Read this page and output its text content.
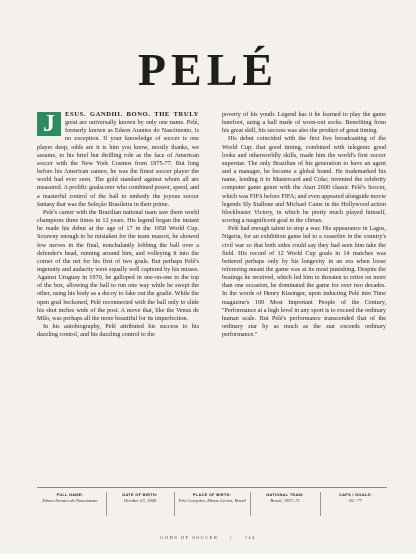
PELÉ

J	ESUS. GANDHI. BONO. THE TRULY great are universally known by only one name. Pelé, formerly known as Edson Arantes do Nascimento, is no exception. If your knowledge of soccer is one player deep, odds are it is him you know, mostly thanks, we assume, to his brief but thrilling role as the face of American soccer with the New York Cosmos from 1975-77. But long before his American cameo, he was the finest soccer player the world had ever seen. The gold standard against whom all are measured. A prolific goalscorer who combined power, speed, and a masterful control of the ball to embody the joyous soccer fantasy that was the Seleção Brasileira in their prime.

Pelé's career with the Brazilian national team saw them world champions three times in 12 years. His legend began the instant he made his debut at the age of 17 in the 1958 World Cup. Scrawny enough to be mistaken for the team mascot, he showed few nerves in the final, nonchalantly lobbing the ball over a defender's head, running around him, and volleying it into the corner of the net for his first of two goals. But perhaps Pelé's ingenuity and audacity were equally well captured by his misses. Against Uruguay in 1970, he galloped in one-on-one to the top of the box, allowing the ball to run one way while he swept the other, using his body as a decoy to fake out the goalie. While the open goal beckoned, Pelé reconnected with the ball only to slide his shot inches wide of the post. A move that, like the Venus de Milo, was perhaps all the more beautiful for its imperfection.

In his autobiography, Pelé attributed his success to his dazzling control, and his dazzling control to the

poverty of his youth. Legend has it he learned to play the game barefoot, using a ball made of worn-out socks. Benefiting from his great skill, his success was also the product of great timing.

His debut coincided with the first live broadcasting of the World Cup; that good timing, combined with telegenic good looks and otherworldly skills, made him the world's first soccer superstar. The only Brazilian of his generation to have an agent and a manager, he became a global brand. He trademarked his name, lending it to Mastercard and Coke; invented the celebrity computer game genre with the Atari 2600 classic Pelé's Soccer, which was FIFA before FIFA; and even appeared alongside movie legends Sly Stallone and Michael Caine in the Hollywood action blockbuster Victory, in which he pretty much played himself, scoring a magnificent goal in the climax.

Pelé had enough talent to stop a war. His appearance in Lagos, Nigeria, for an exhibition game led to a ceasefire in the country's civil war so that both sides could say they had seen him take the field. His record of 12 World Cup goals in 14 matches was bettered perhaps only by his longevity in an era when loose refereeing meant the game was at its most punishing. Despite the beatings he received, which led him to threaten to retire on more than one occasion, he dominated the game for over two decades. In the words of Henry Kissinger, upon inducting Pelé into Time magazine's 100 Most Important People of the Century, "Performance at a high level in any sport is to exceed the ordinary human scale. But Pelé's performance transcended that of the ordinary star by as much as the star exceeds ordinary performance."

FULL NAME:
Edson Arantes do Nascimento
DATE OF BIRTH:
October 23, 1940
PLACE OF BIRTH:
Três Corações, Minas Gerais, Brazil
NATIONAL TEAM:
Brazil, 1957–71
CAPS / GOALS:
92 / 77
GODS OF SOCCER	|	144
